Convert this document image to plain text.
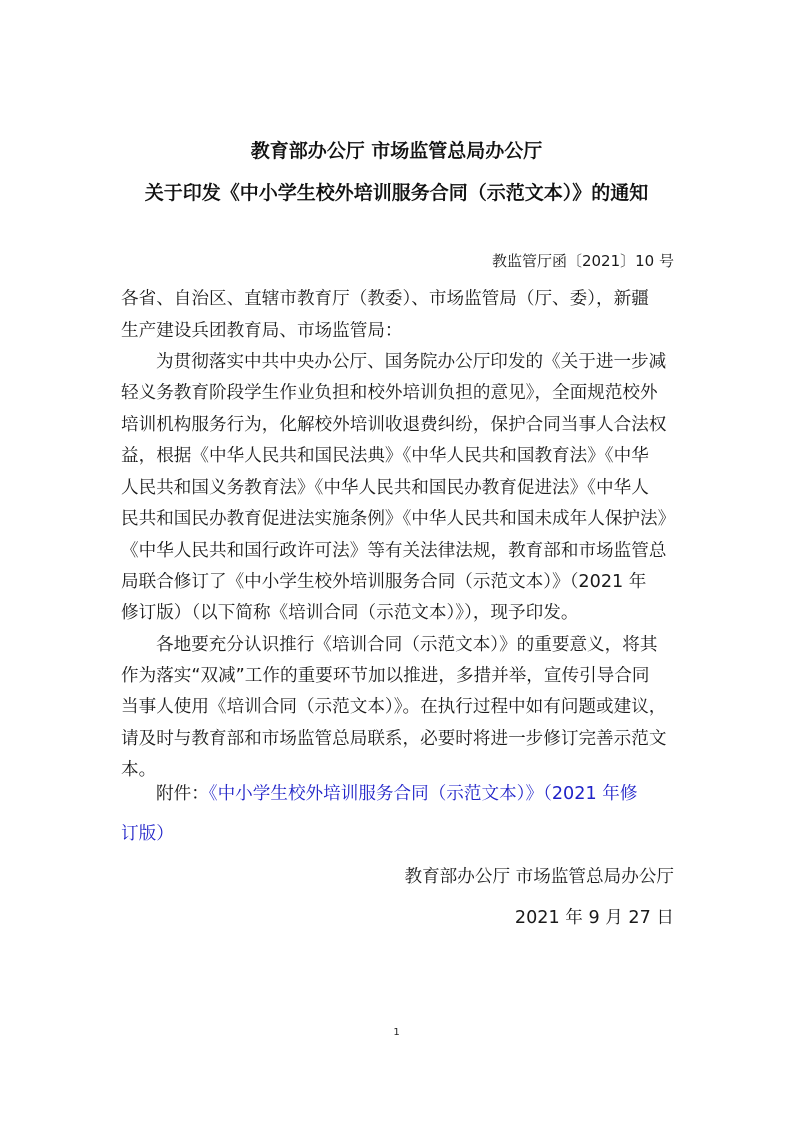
教育部办公厅 市场监管总局办公厅
关于印发《中小学生校外培训服务合同（示范文本）》的通知
教监管厅函〔2021〕10 号
各省、自治区、直辖市教育厅（教委）、市场监管局（厅、委），新疆
生产建设兵团教育局、市场监管局：
为贯彻落实中共中央办公厅、国务院办公厅印发的《关于进一步减
轻义务教育阶段学生作业负担和校外培训负担的意见》，全面规范校外
培训机构服务行为，化解校外培训收退费纠纷，保护合同当事人合法权
益，根据《中华人民共和国民法典》《中华人民共和国教育法》《中华
人民共和国义务教育法》《中华人民共和国民办教育促进法》《中华人
民共和国民办教育促进法实施条例》《中华人民共和国未成年人保护法》
《中华人民共和国行政许可法》等有关法律法规，教育部和市场监管总
局联合修订了《中小学生校外培训服务合同（示范文本）》（2021 年
修订版）（以下简称《培训合同（示范文本）》），现予印发。
各地要充分认识推行《培训合同（示范文本）》的重要意义，将其
作为落实“双减”工作的重要环节加以推进，多措并举，宣传引导合同
当事人使用《培训合同（示范文本）》。在执行过程中如有问题或建议，
请及时与教育部和市场监管总局联系，必要时将进一步修订完善示范文
本。
附件：《中小学生校外培训服务合同（示范文本）》（2021 年修
订版）
教育部办公厅 市场监管总局办公厅
2021 年 9 月 27 日
1
